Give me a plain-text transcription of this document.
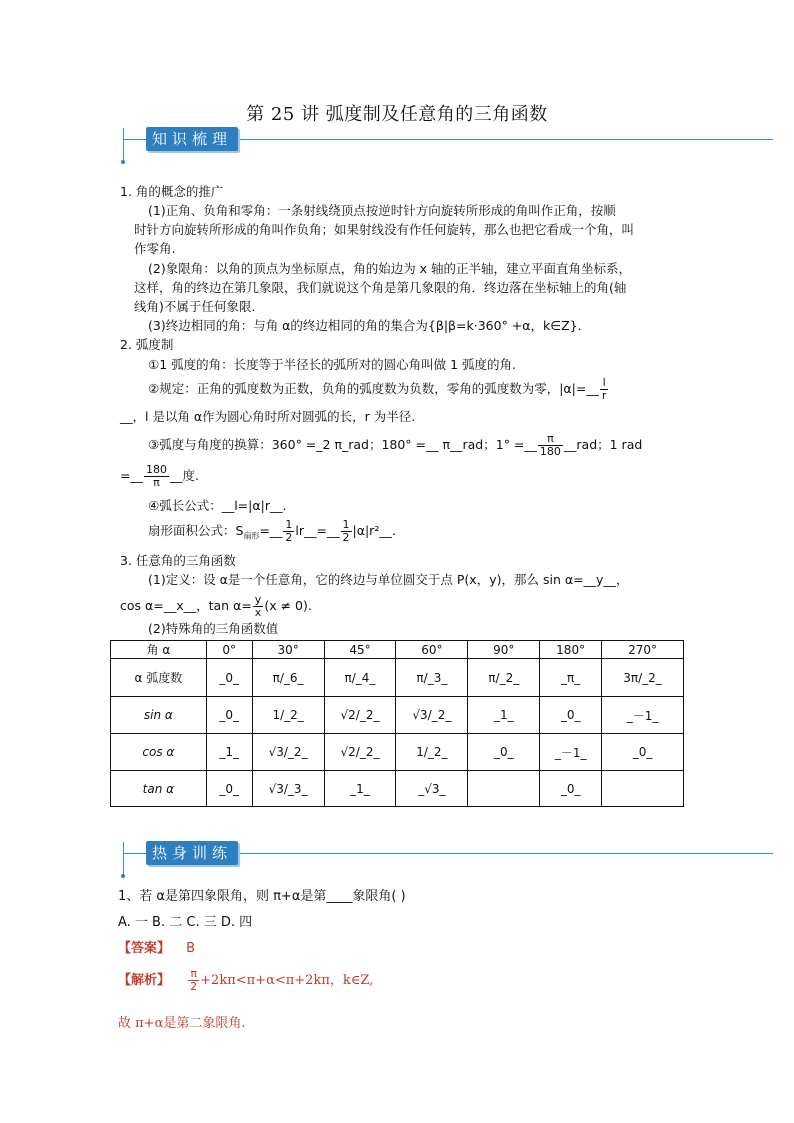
第 25 讲 弧度制及任意角的三角函数
知识梳理
1. 角的概念的推广
(1)正角、负角和零角：一条射线绕顶点按逆时针方向旋转所形成的角叫作正角，按顺
时针方向旋转所形成的角叫作负角；如果射线没有作任何旋转，那么也把它看成一个角，叫
作零角.
(2)象限角：以角的顶点为坐标原点，角的始边为 x 轴的正半轴，建立平面直角坐标系，
这样，角的终边在第几象限，我们就说这个角是第几象限的角．终边落在坐标轴上的角(轴
线角)不属于任何象限.
(3)终边相同的角：与角 α的终边相同的角的集合为{β|β=k·360° +α，k∈Z}．
2. 弧度制
①1 弧度的角：长度等于半径长的弧所对的圆心角叫做 1 弧度的角.
②规定：正角的弧度数为正数，负角的弧度数为负数，零角的弧度数为零，|α|=__ $\frac{l}{r}$
__，l 是以角 α作为圆心角时所对圆弧的长，r 为半径.
③弧度与角度的换算：360° =_2 π_rad；180° =__ π__rad；1° =__ $\frac{\pi}{180}$ __rad；1 rad
=__ $\frac{180}{\pi}$ __度.
④弧长公式：__l=|α|r__.
扇形面积公式：$S_{扇形}=\_\_ \frac{1}{2}$ lr__=__ $\frac{1}{2}$ |α|r²__.
3. 任意角的三角函数
(1)定义：设 α是一个任意角，它的终边与单位圆交于点 P(x，y)，那么 sin α=__y__，
cos α=__x__，$\tan \alpha= \frac{y}{x} (x \ne 0)$.
(2)特殊角的三角函数值
角 α	0°	30°	45°	60°	90°	180°	270°
α 弧度数	_0_	π/_6_	π/_4_	π/_3_	π/_2_	_π_	3π/_2_
sin α	_0_	1/_2_	√2/_2_	√3/_2_	_1_	_0_	_－1_
cos α	_1_	√3/_2_	√2/_2_	1/_2_	_0_	_－1_	_0_
tan α	_0_	√3/_3_	_1_	_√3_		_0_	
热身训练
1、若 α是第四象限角，则 π+α是第____象限角( )
A. 一 B. 二 C. 三 D. 四
【答案】 B
【解析】 $\frac{\pi}{2} +2k\pi<\pi+\alpha<\pi+2k\pi$，k∈Z,
故 π+α是第二象限角.
